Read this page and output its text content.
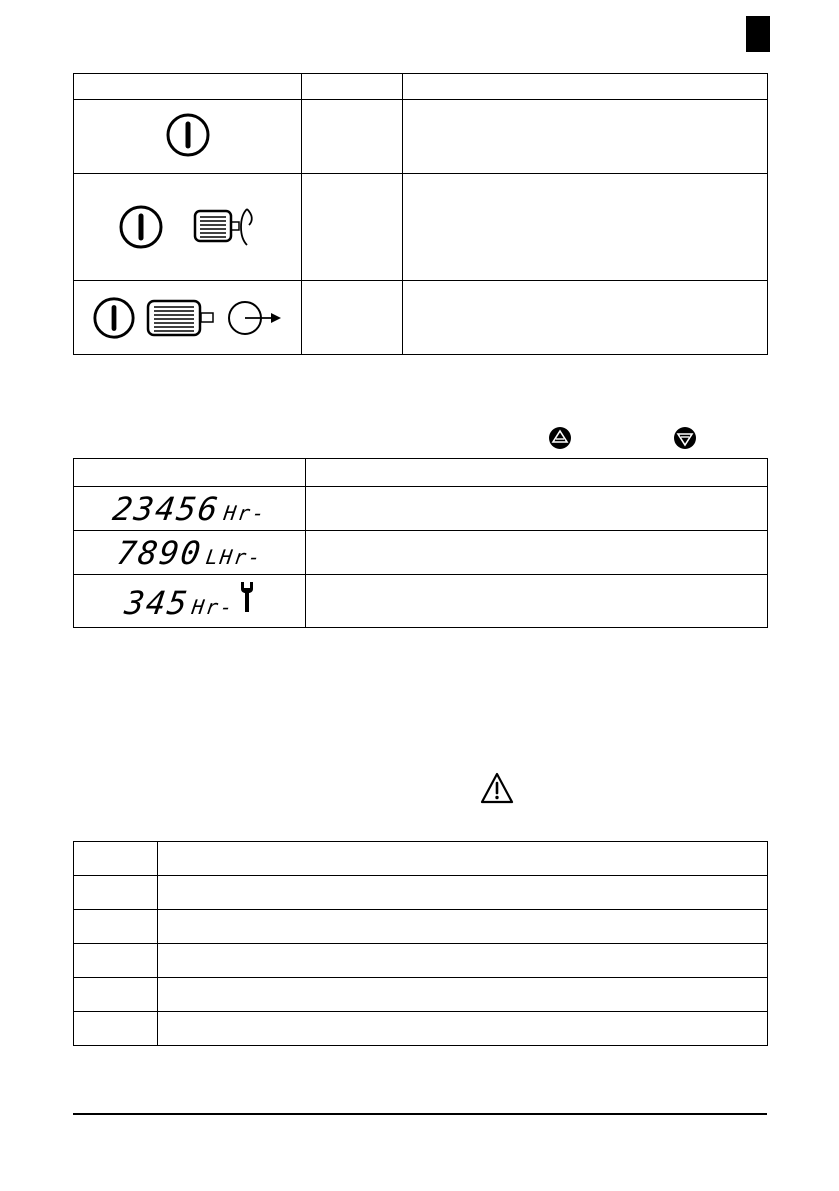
23456 Hr-	

7890 LHr-	

345 Hr-	
